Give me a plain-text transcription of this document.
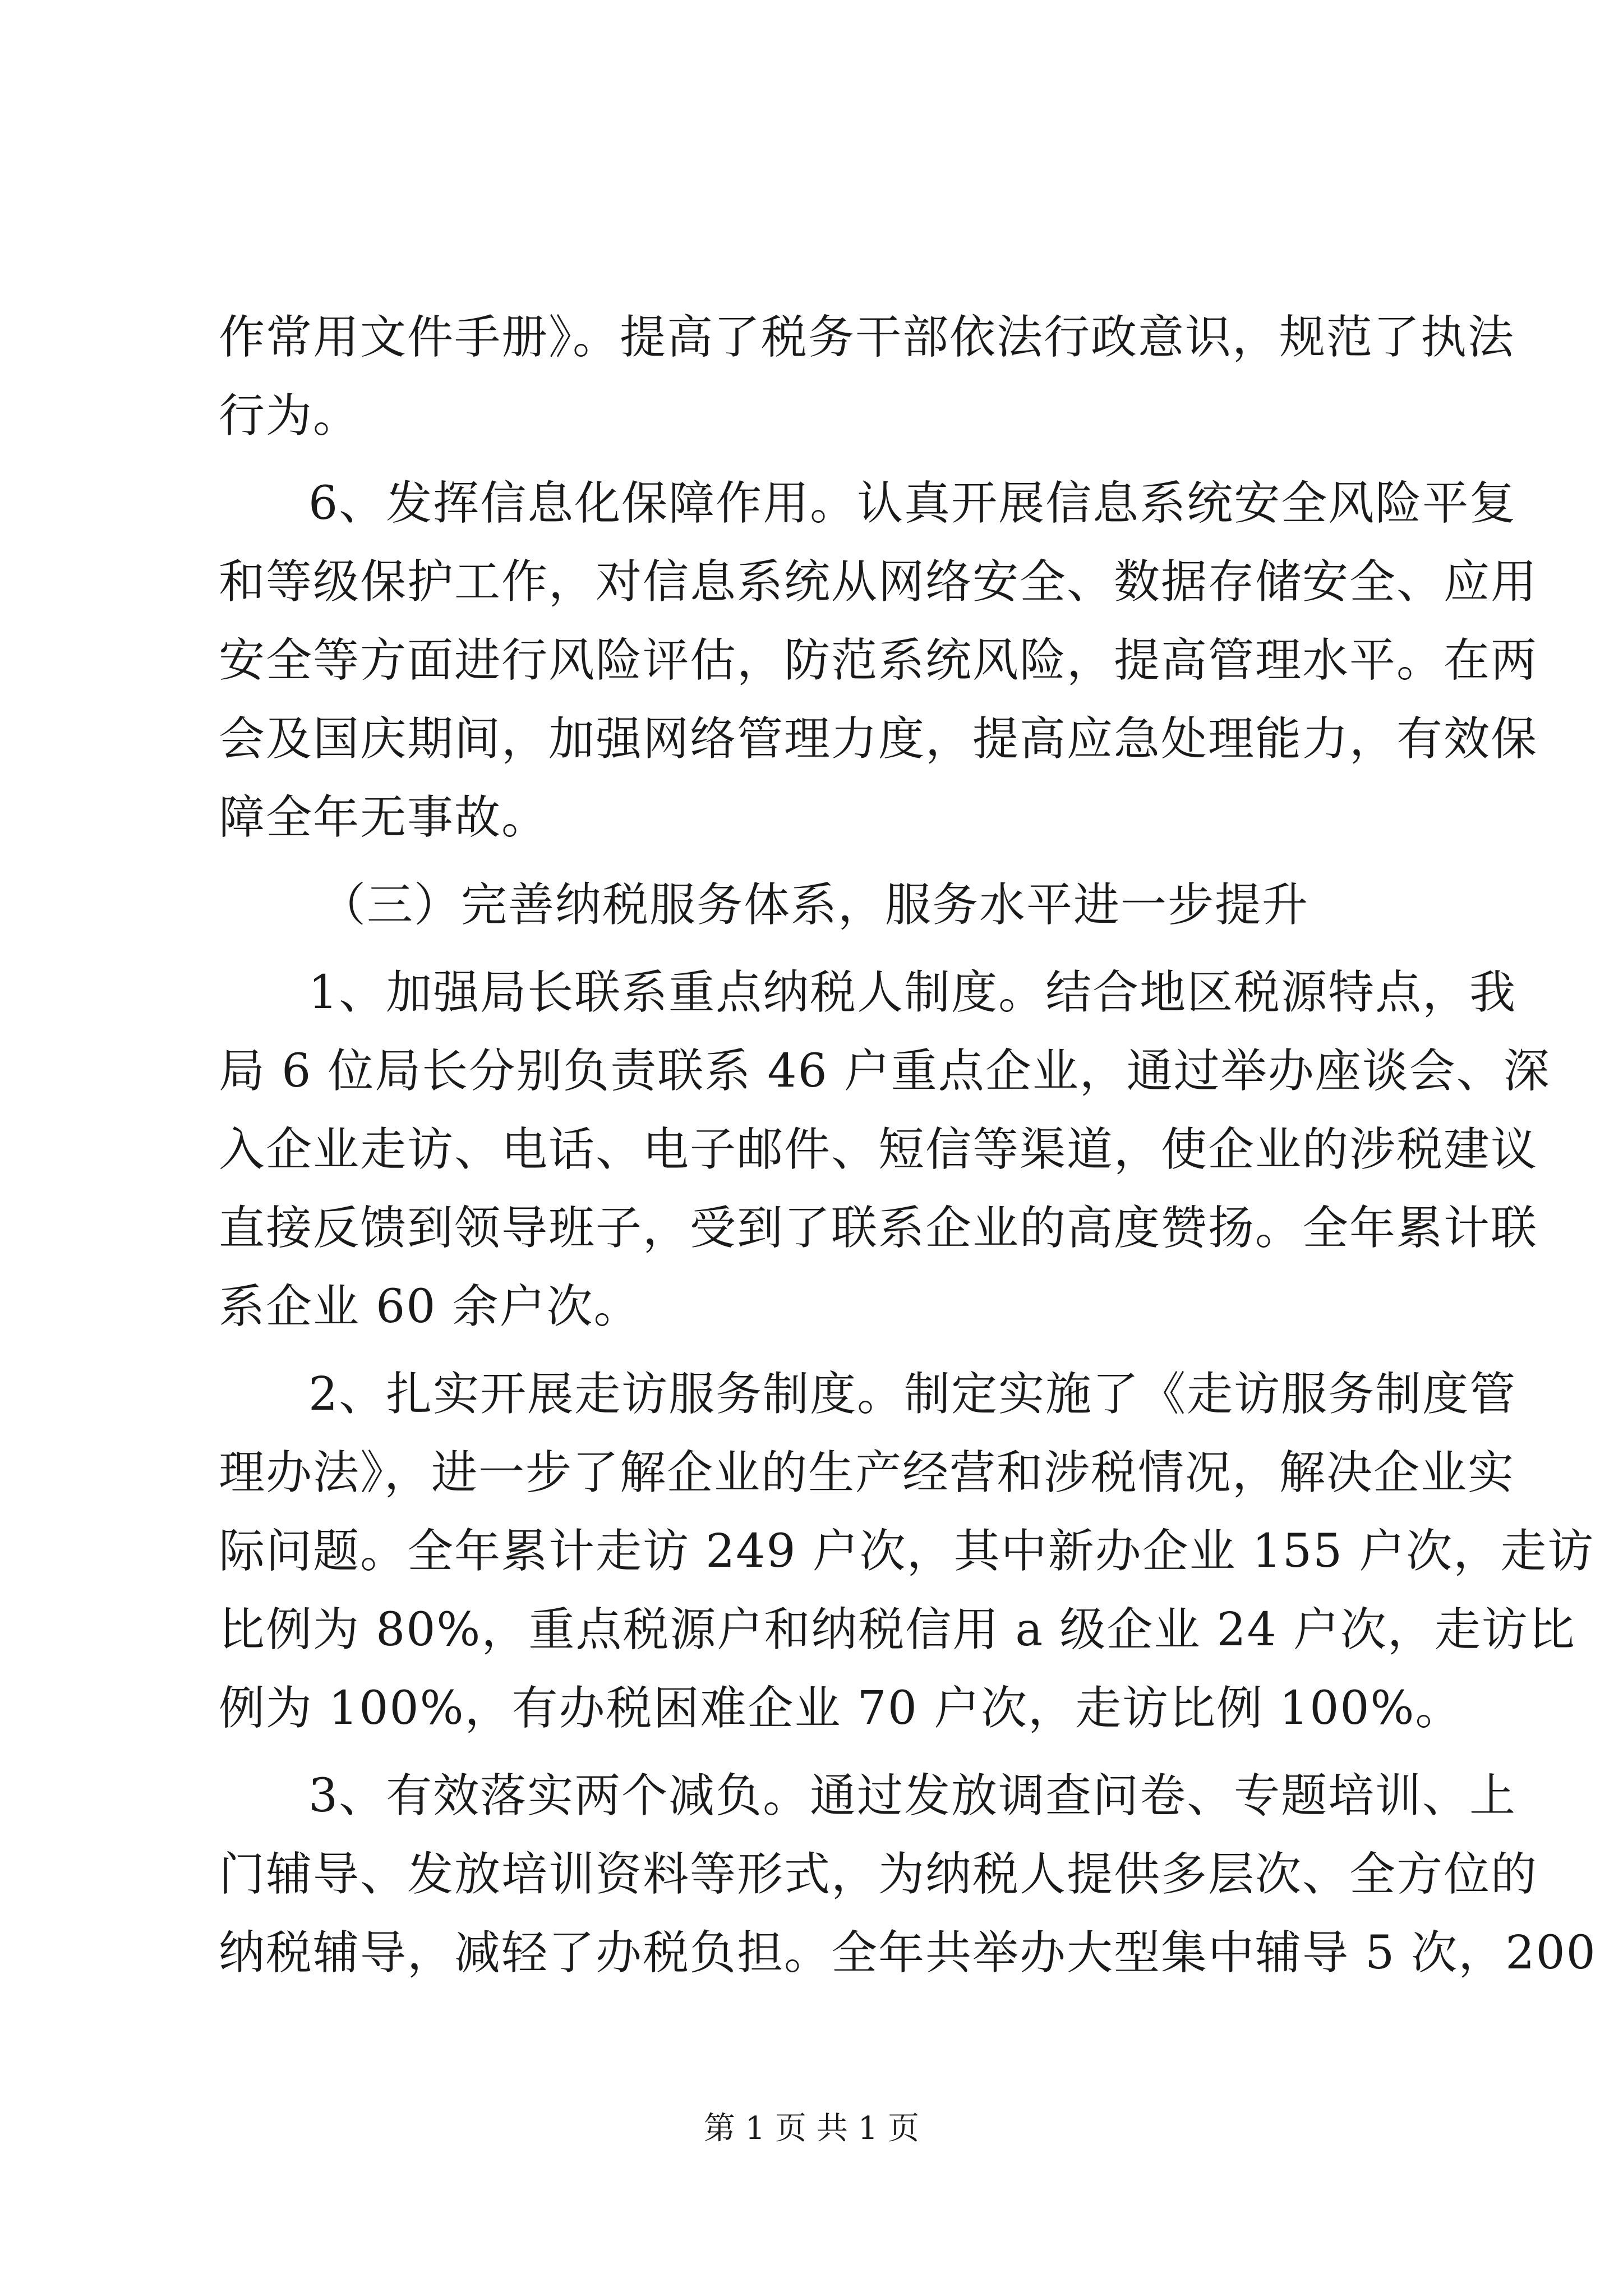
作常用文件手册》。提高了税务干部依法行政意识，规范了执法
行为。
6、发挥信息化保障作用。认真开展信息系统安全风险平复
和等级保护工作，对信息系统从网络安全、数据存储安全、应用
安全等方面进行风险评估，防范系统风险，提高管理水平。在两
会及国庆期间，加强网络管理力度，提高应急处理能力，有效保
障全年无事故。
（三）完善纳税服务体系，服务水平进一步提升
1、加强局长联系重点纳税人制度。结合地区税源特点，我
局 6 位局长分别负责联系 46 户重点企业，通过举办座谈会、深
入企业走访、电话、电子邮件、短信等渠道，使企业的涉税建议
直接反馈到领导班子，受到了联系企业的高度赞扬。全年累计联
系企业 60 余户次。
2、扎实开展走访服务制度。制定实施了《走访服务制度管
理办法》，进一步了解企业的生产经营和涉税情况，解决企业实
际问题。全年累计走访 249 户次，其中新办企业 155 户次，走访
比例为 80%，重点税源户和纳税信用 a 级企业 24 户次，走访比
例为 100%，有办税困难企业 70 户次，走访比例 100%。
3、有效落实两个减负。通过发放调查问卷、专题培训、上
门辅导、发放培训资料等形式，为纳税人提供多层次、全方位的
纳税辅导，减轻了办税负担。全年共举办大型集中辅导 5 次，200
第 1 页 共 1 页
